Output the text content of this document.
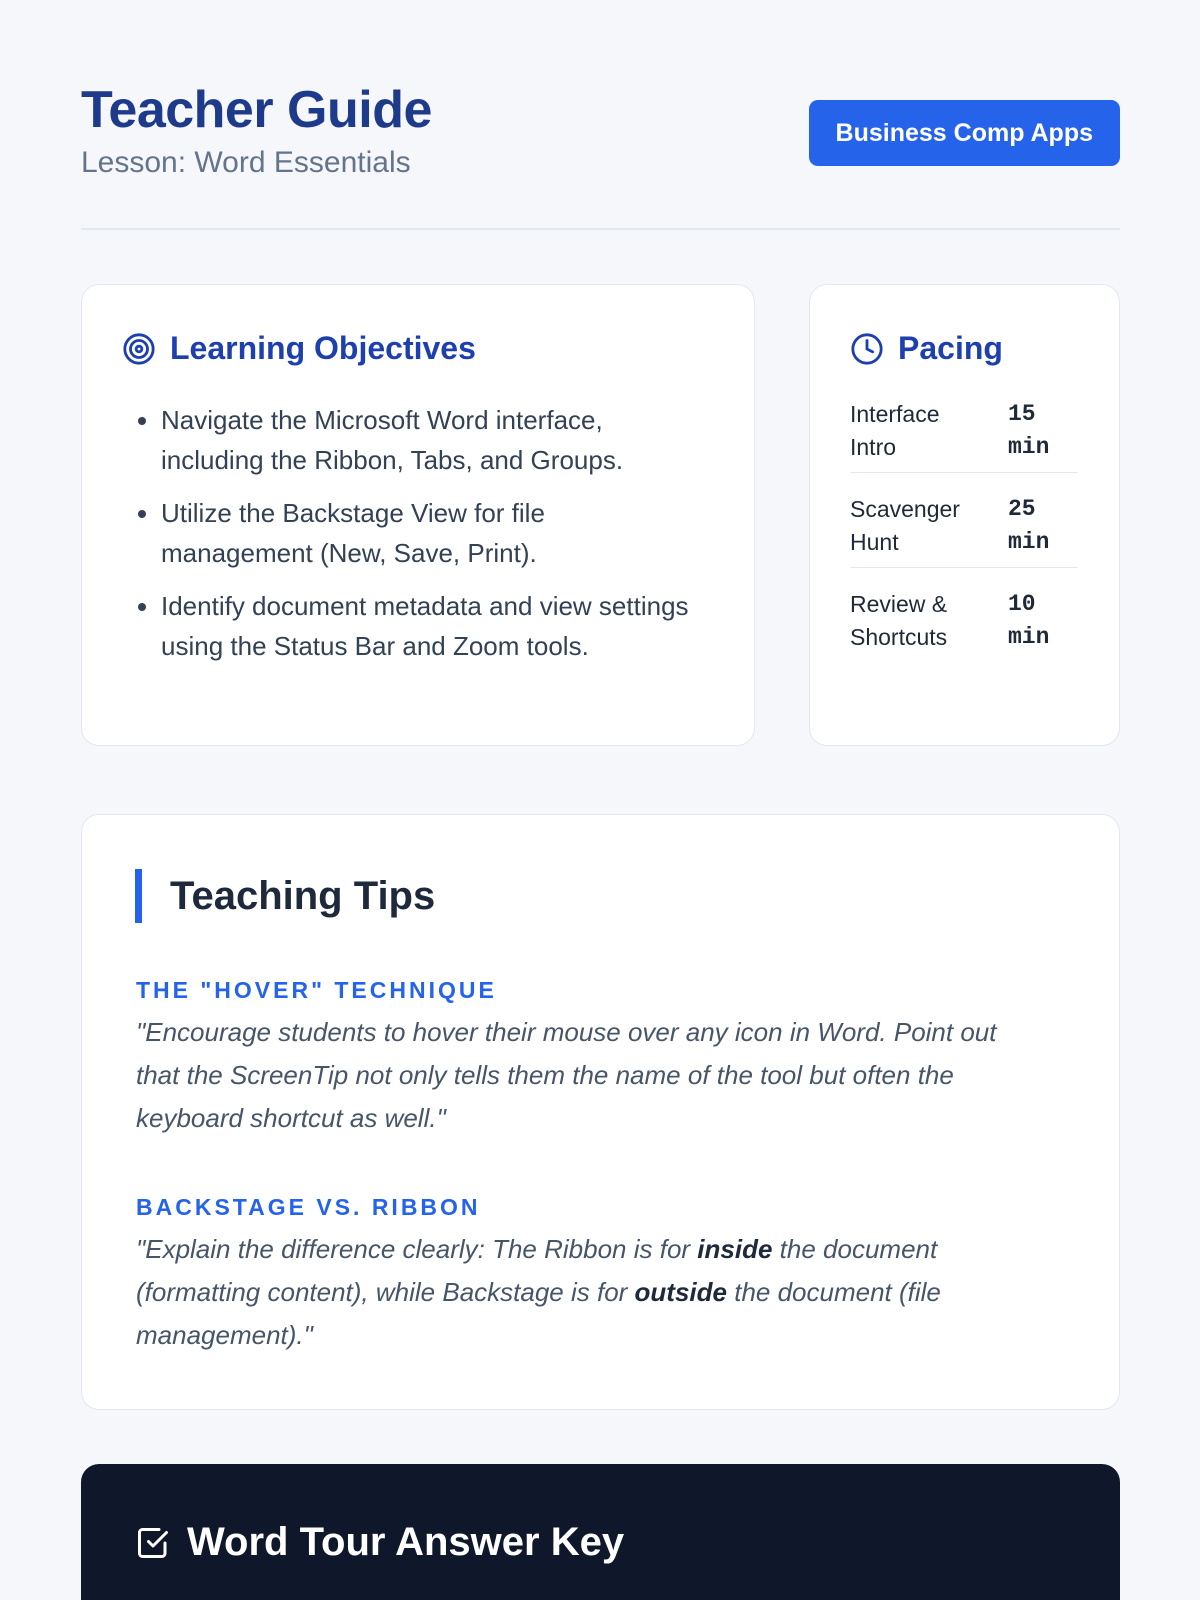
Teacher Guide
Lesson: Word Essentials
Business Comp Apps
Teaching Tips
THE "HOVER" TECHNIQUE
"Encourage students to hover their mouse over any icon in Word. Point out that the ScreenTip not only tells them the name of the tool but often the keyboard shortcut as well."
BACKSTAGE VS. RIBBON
"Explain the difference clearly: The Ribbon is for inside the document (formatting content), while Backstage is for outside the document (file management)."
Word Tour Answer Key
Learning Objectives
• Navigate the Microsoft Word interface, including the Ribbon, Tabs, and Groups.
• Utilize the Backstage View for file management (New, Save, Print).
• Identify document metadata and view settings using the Status Bar and Zoom tools.
Pacing
Interface Intro
15 min
Scavenger Hunt
25 min
Review & Shortcuts
10 min
